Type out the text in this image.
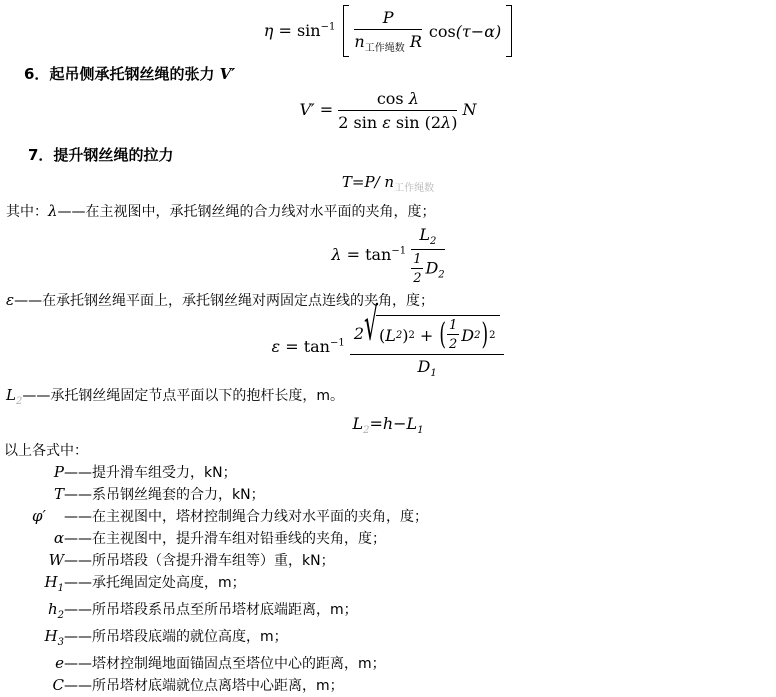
$\eta = \sin^{-1} \frac{P}{n_{工作绳数} R} \cos(\tau-\alpha)$
6．起吊侧承托钢丝绳的张力 V′
$V' = \frac{\text{cos λ}}{\text{2 sin ε sin (2λ)}}$ N
7．提升钢丝绳的拉力
T=P/ $n_{工作绳数}$
其中： λ ——在主视图中，承托钢丝绳的合力线对水平面的夹角，度；
$\lambda = \tan^{-1} \frac{L_2}{\frac{1}{2} D_2}$
ε ——在承托钢丝绳平面上，承托钢丝绳对两固定点连线的夹角，度；
$\varepsilon = \tan^{-1} 2$ √ ( L 2 ) 2 + ( $\frac{1}{2}$ D 2 ) 2
$D_1$
$L_2$ ——承托钢丝绳固定节点平面以下的抱杆长度，m。
$L_2=h-L_1$
以上各式中：
P ——提升滑车组受力，kN；
T ——系吊钢丝绳套的合力，kN；
φ′	——在主视图中，塔材控制绳合力线对水平面的夹角，度；
α ——在主视图中，提升滑车组对铅垂线的夹角，度；
W ——所吊塔段（含提升滑车组等）重，kN；
$H_1$ ——承托绳固定处高度，m；
$h_2$ ——所吊塔段系吊点至所吊塔材底端距离，m；
$H_3$ ——所吊塔段底端的就位高度，m；
e ——塔材控制绳地面锚固点至塔位中心的距离，m；
C ——所吊塔材底端就位点离塔中心距离，m；
